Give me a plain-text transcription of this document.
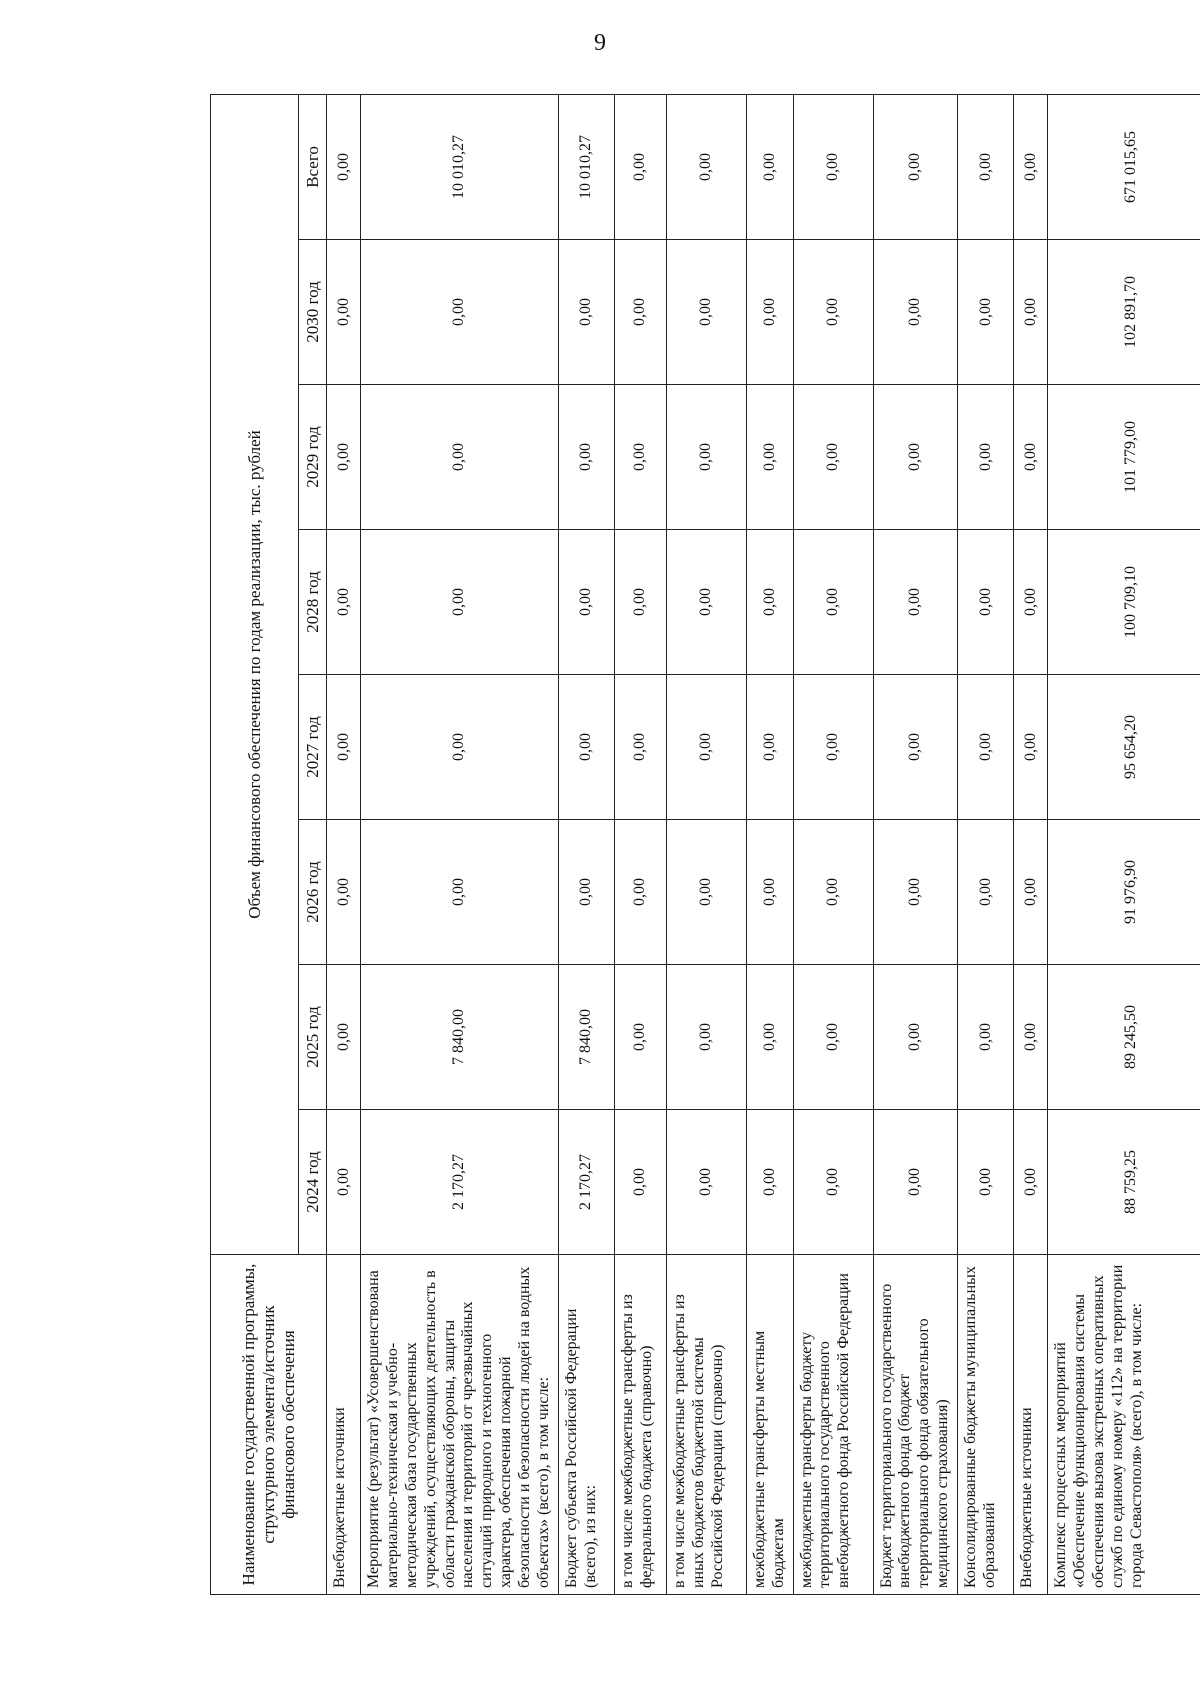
9
Наименование государственной программы, структурного элемента/источник финансового обеспечения	Объем финансового обеспечения по годам реализации, тыс. рублей							
	2024 год	2025 год	2026 год	2027 год	2028 год	2029 год	2030 год	Всего
Внебюджетные источники	0,00	0,00	0,00	0,00	0,00	0,00	0,00	0,00
Мероприятие (результат) «Усовершенствована материально-техническая и учебно-методическая база государственных учреждений, осуществляющих деятельность в области гражданской обороны, защиты населения и территорий от чрезвычайных ситуаций природного и техногенного характера, обеспечения пожарной безопасности и безопасности людей на водных объектах» (всего), в том числе:	2 170,27	7 840,00	0,00	0,00	0,00	0,00	0,00	10 010,27
Бюджет субъекта Российской Федерации (всего), из них:	2 170,27	7 840,00	0,00	0,00	0,00	0,00	0,00	10 010,27
в том числе межбюджетные трансферты из федерального бюджета (справочно)	0,00	0,00	0,00	0,00	0,00	0,00	0,00	0,00
в том числе межбюджетные трансферты из иных бюджетов бюджетной системы Российской Федерации (справочно)	0,00	0,00	0,00	0,00	0,00	0,00	0,00	0,00
межбюджетные трансферты местным бюджетам	0,00	0,00	0,00	0,00	0,00	0,00	0,00	0,00
межбюджетные трансферты бюджету территориального государственного внебюджетного фонда Российской Федерации	0,00	0,00	0,00	0,00	0,00	0,00	0,00	0,00
Бюджет территориального государственного внебюджетного фонда (бюджет территориального фонда обязательного медицинского страхования)	0,00	0,00	0,00	0,00	0,00	0,00	0,00	0,00
Консолидированные бюджеты муниципальных образований	0,00	0,00	0,00	0,00	0,00	0,00	0,00	0,00
Внебюджетные источники	0,00	0,00	0,00	0,00	0,00	0,00	0,00	0,00
Комплекс процессных мероприятий «Обеспечение функционирования системы обеспечения вызова экстренных оперативных служб по единому номеру «112» на территории города Севастополя» (всего), в том числе:	88 759,25	89 245,50	91 976,90	95 654,20	100 709,10	101 779,00	102 891,70	671 015,65
